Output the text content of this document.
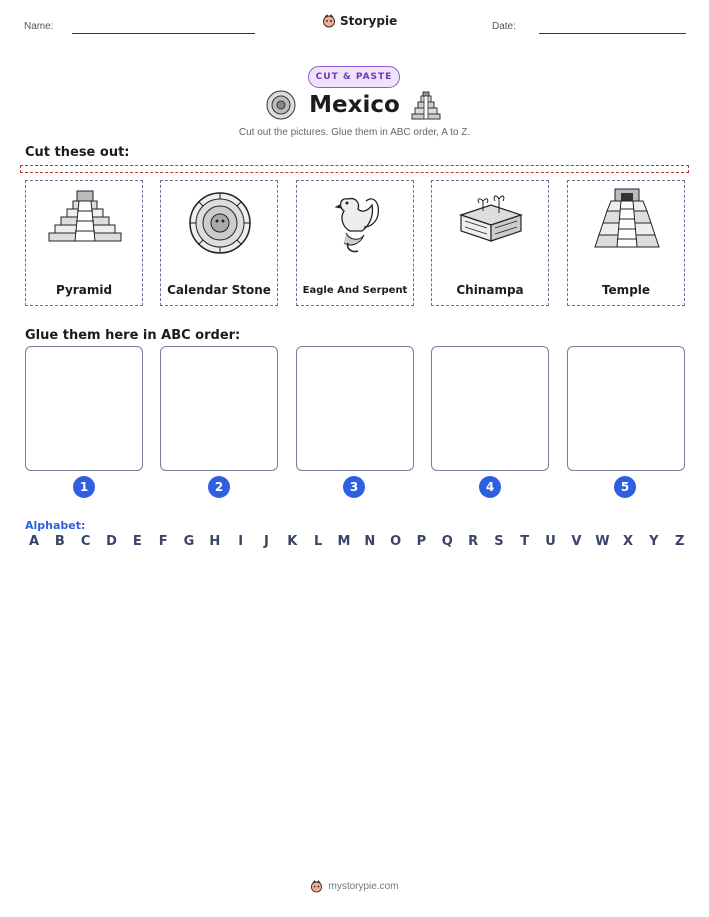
Name:	Storypie	Date:
CUT & PASTE
Mexico
Cut out the pictures. Glue them in ABC order, A to Z.
Cut these out:
Pyramid	Calendar Stone	Eagle And Serpent	Chinampa	Temple
Glue them here in ABC order:
1	2	3	4	5
Alphabet:
A B C D E F G H	I	J	K L M N O P Q R S T U V W X Y Z
mystorypie.com
